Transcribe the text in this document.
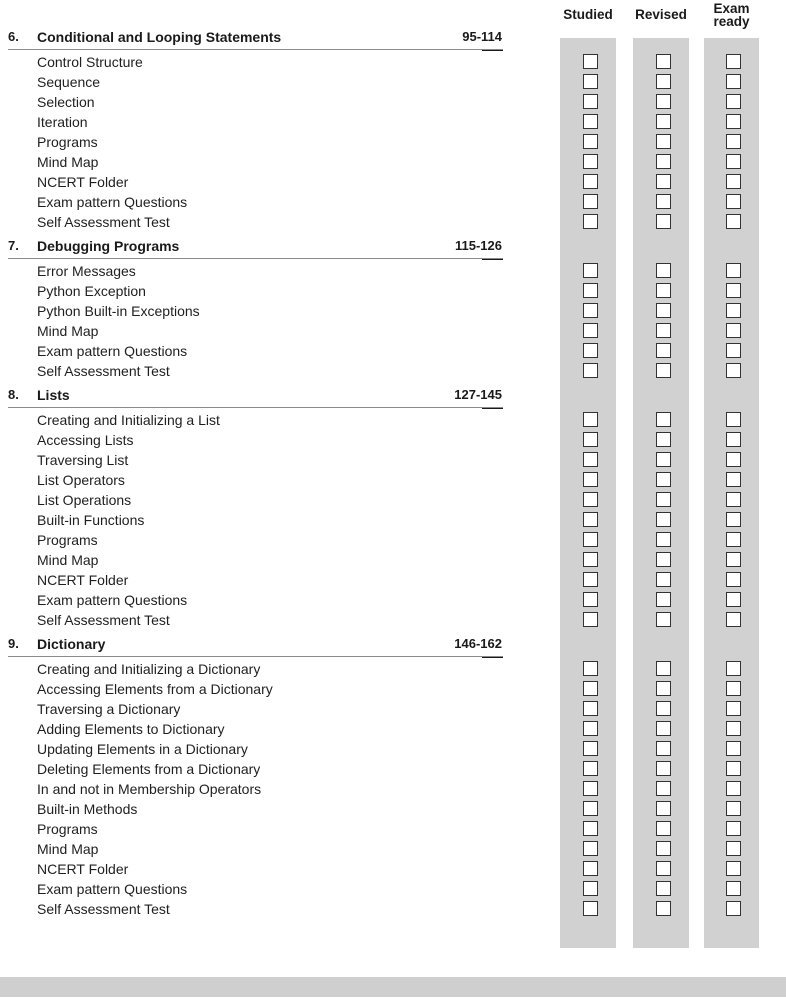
Studied	Revised	Exam
ready
6. Conditional and Looping Statements	95-114
Control Structure
Sequence
Selection
Iteration
Programs
Mind Map
NCERT Folder
Exam pattern Questions
Self Assessment Test
7. Debugging Programs	115-126
Error Messages
Python Exception
Python Built-in Exceptions
Mind Map
Exam pattern Questions
Self Assessment Test
8. Lists	127-145
Creating and Initializing a List
Accessing Lists
Traversing List
List Operators
List Operations
Built-in Functions
Programs
Mind Map
NCERT Folder
Exam pattern Questions
Self Assessment Test
9. Dictionary	146-162
Creating and Initializing a Dictionary
Accessing Elements from a Dictionary
Traversing a Dictionary
Adding Elements to Dictionary
Updating Elements in a Dictionary
Deleting Elements from a Dictionary
In and not in Membership Operators
Built-in Methods
Programs
Mind Map
NCERT Folder
Exam pattern Questions
Self Assessment Test
